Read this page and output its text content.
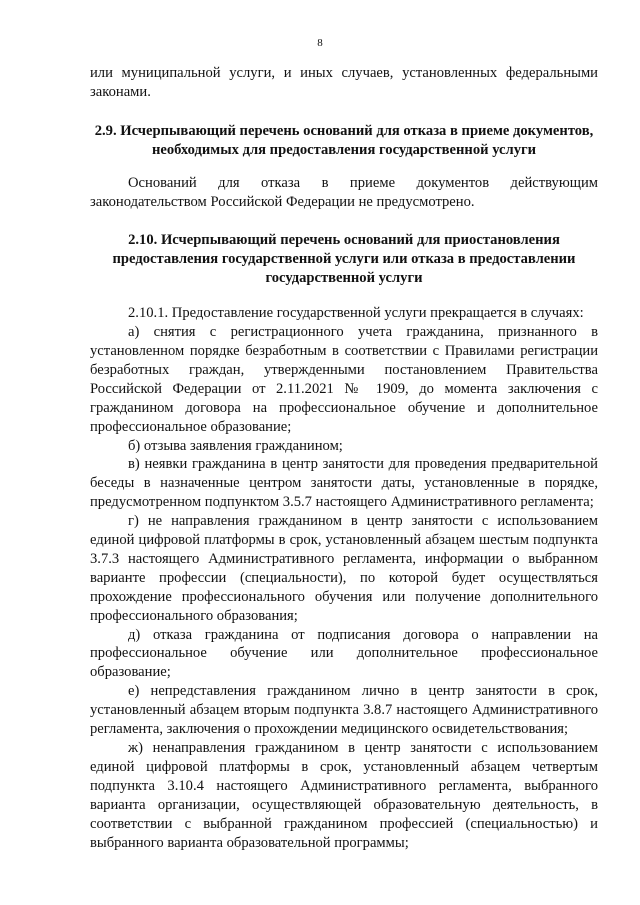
8

или муниципальной услуги, и иных случаев, установленных федеральными законами.

2.9. Исчерпывающий перечень оснований для отказа в приеме документов, необходимых для предоставления государственной услуги

Оснований для отказа в приеме документов действующим законодательством Российской Федерации не предусмотрено.

2.10. Исчерпывающий перечень оснований для приостановления предоставления государственной услуги или отказа в предоставлении государственной услуги

2.10.1. Предоставление государственной услуги прекращается в случаях:

а) снятия с регистрационного учета гражданина, признанного в установленном порядке безработным в соответствии с Правилами регистрации безработных граждан, утвержденными постановлением Правительства Российской Федерации от 2.11.2021 № 1909, до момента заключения с гражданином договора на профессиональное обучение и дополнительное профессиональное образование;

б) отзыва заявления гражданином;

в) неявки гражданина в центр занятости для проведения предварительной беседы в назначенные центром занятости даты, установленные в порядке, предусмотренном подпунктом 3.5.7 настоящего Административного регламента;

г) не направления гражданином в центр занятости с использованием единой цифровой платформы в срок, установленный абзацем шестым подпункта 3.7.3 настоящего Административного регламента, информации о выбранном варианте профессии (специальности), по которой будет осуществляться прохождение профессионального обучения или получение дополнительного профессионального образования;

д) отказа гражданина от подписания договора о направлении на профессиональное обучение или дополнительное профессиональное образование;

е) непредставления гражданином лично в центр занятости в срок, установленный абзацем вторым подпункта 3.8.7 настоящего Административного регламента, заключения о прохождении медицинского освидетельствования;

ж) ненаправления гражданином в центр занятости с использованием единой цифровой платформы в срок, установленный абзацем четвертым подпункта 3.10.4 настоящего Административного регламента, выбранного варианта организации, осуществляющей образовательную деятельность, в соответствии с выбранной гражданином профессией (специальностью) и выбранного варианта образовательной программы;
